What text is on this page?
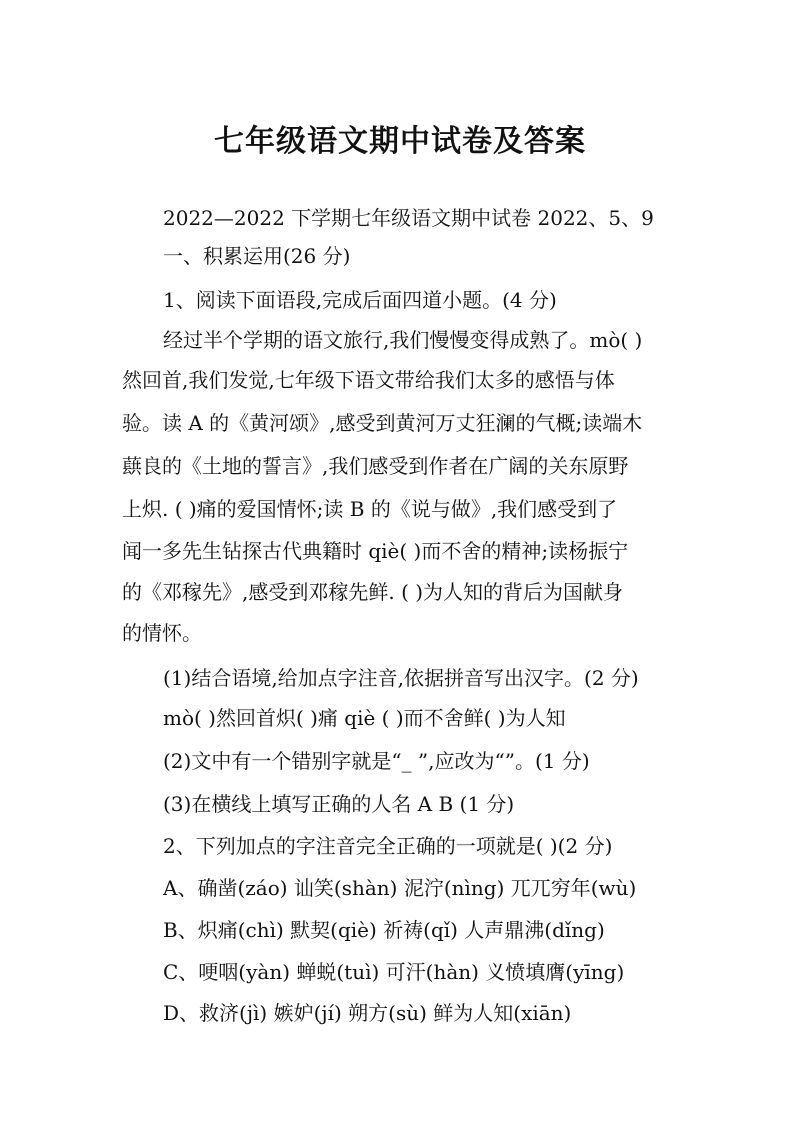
七年级语文期中试卷及答案
2022—2022 下学期七年级语文期中试卷 2022、5、9
一、积累运用(26 分)
1、阅读下面语段,完成后面四道小题。(4 分)
经过半个学期的语文旅行,我们慢慢变得成熟了。mò( )
然回首,我们发觉,七年级下语文带给我们太多的感悟与体
验。读 A 的《黄河颂》,感受到黄河万丈狂澜的气概;读端木
蕻良的《土地的誓言》,我们感受到作者在广阔的关东原野
上炽. ( )痛的爱国情怀;读 B 的《说与做》,我们感受到了
闻一多先生钻探古代典籍时 qiè( )而不舍的精神;读杨振宁
的《邓稼先》,感受到邓稼先鲜. ( )为人知的背后为国献身
的情怀。
(1)结合语境,给加点字注音,依据拼音写出汉字。(2 分)
mò( )然回首炽( )痛 qiè ( )而不舍鲜( )为人知
(2)文中有一个错别字就是“_ ”,应改为“”。(1 分)
(3)在横线上填写正确的人名 A B (1 分)
2、下列加点的字注音完全正确的一项就是( )(2 分)
A、确凿(záo) 讪笑(shàn) 泥泞(nìng) 兀兀穷年(wù)
B、炽痛(chì) 默契(qiè) 祈祷(qǐ) 人声鼎沸(dǐng)
C、哽咽(yàn) 蝉蜕(tuì) 可汗(hàn) 义愤填膺(yīng)
D、救济(jì) 嫉妒(jí) 朔方(sù) 鲜为人知(xiān)
